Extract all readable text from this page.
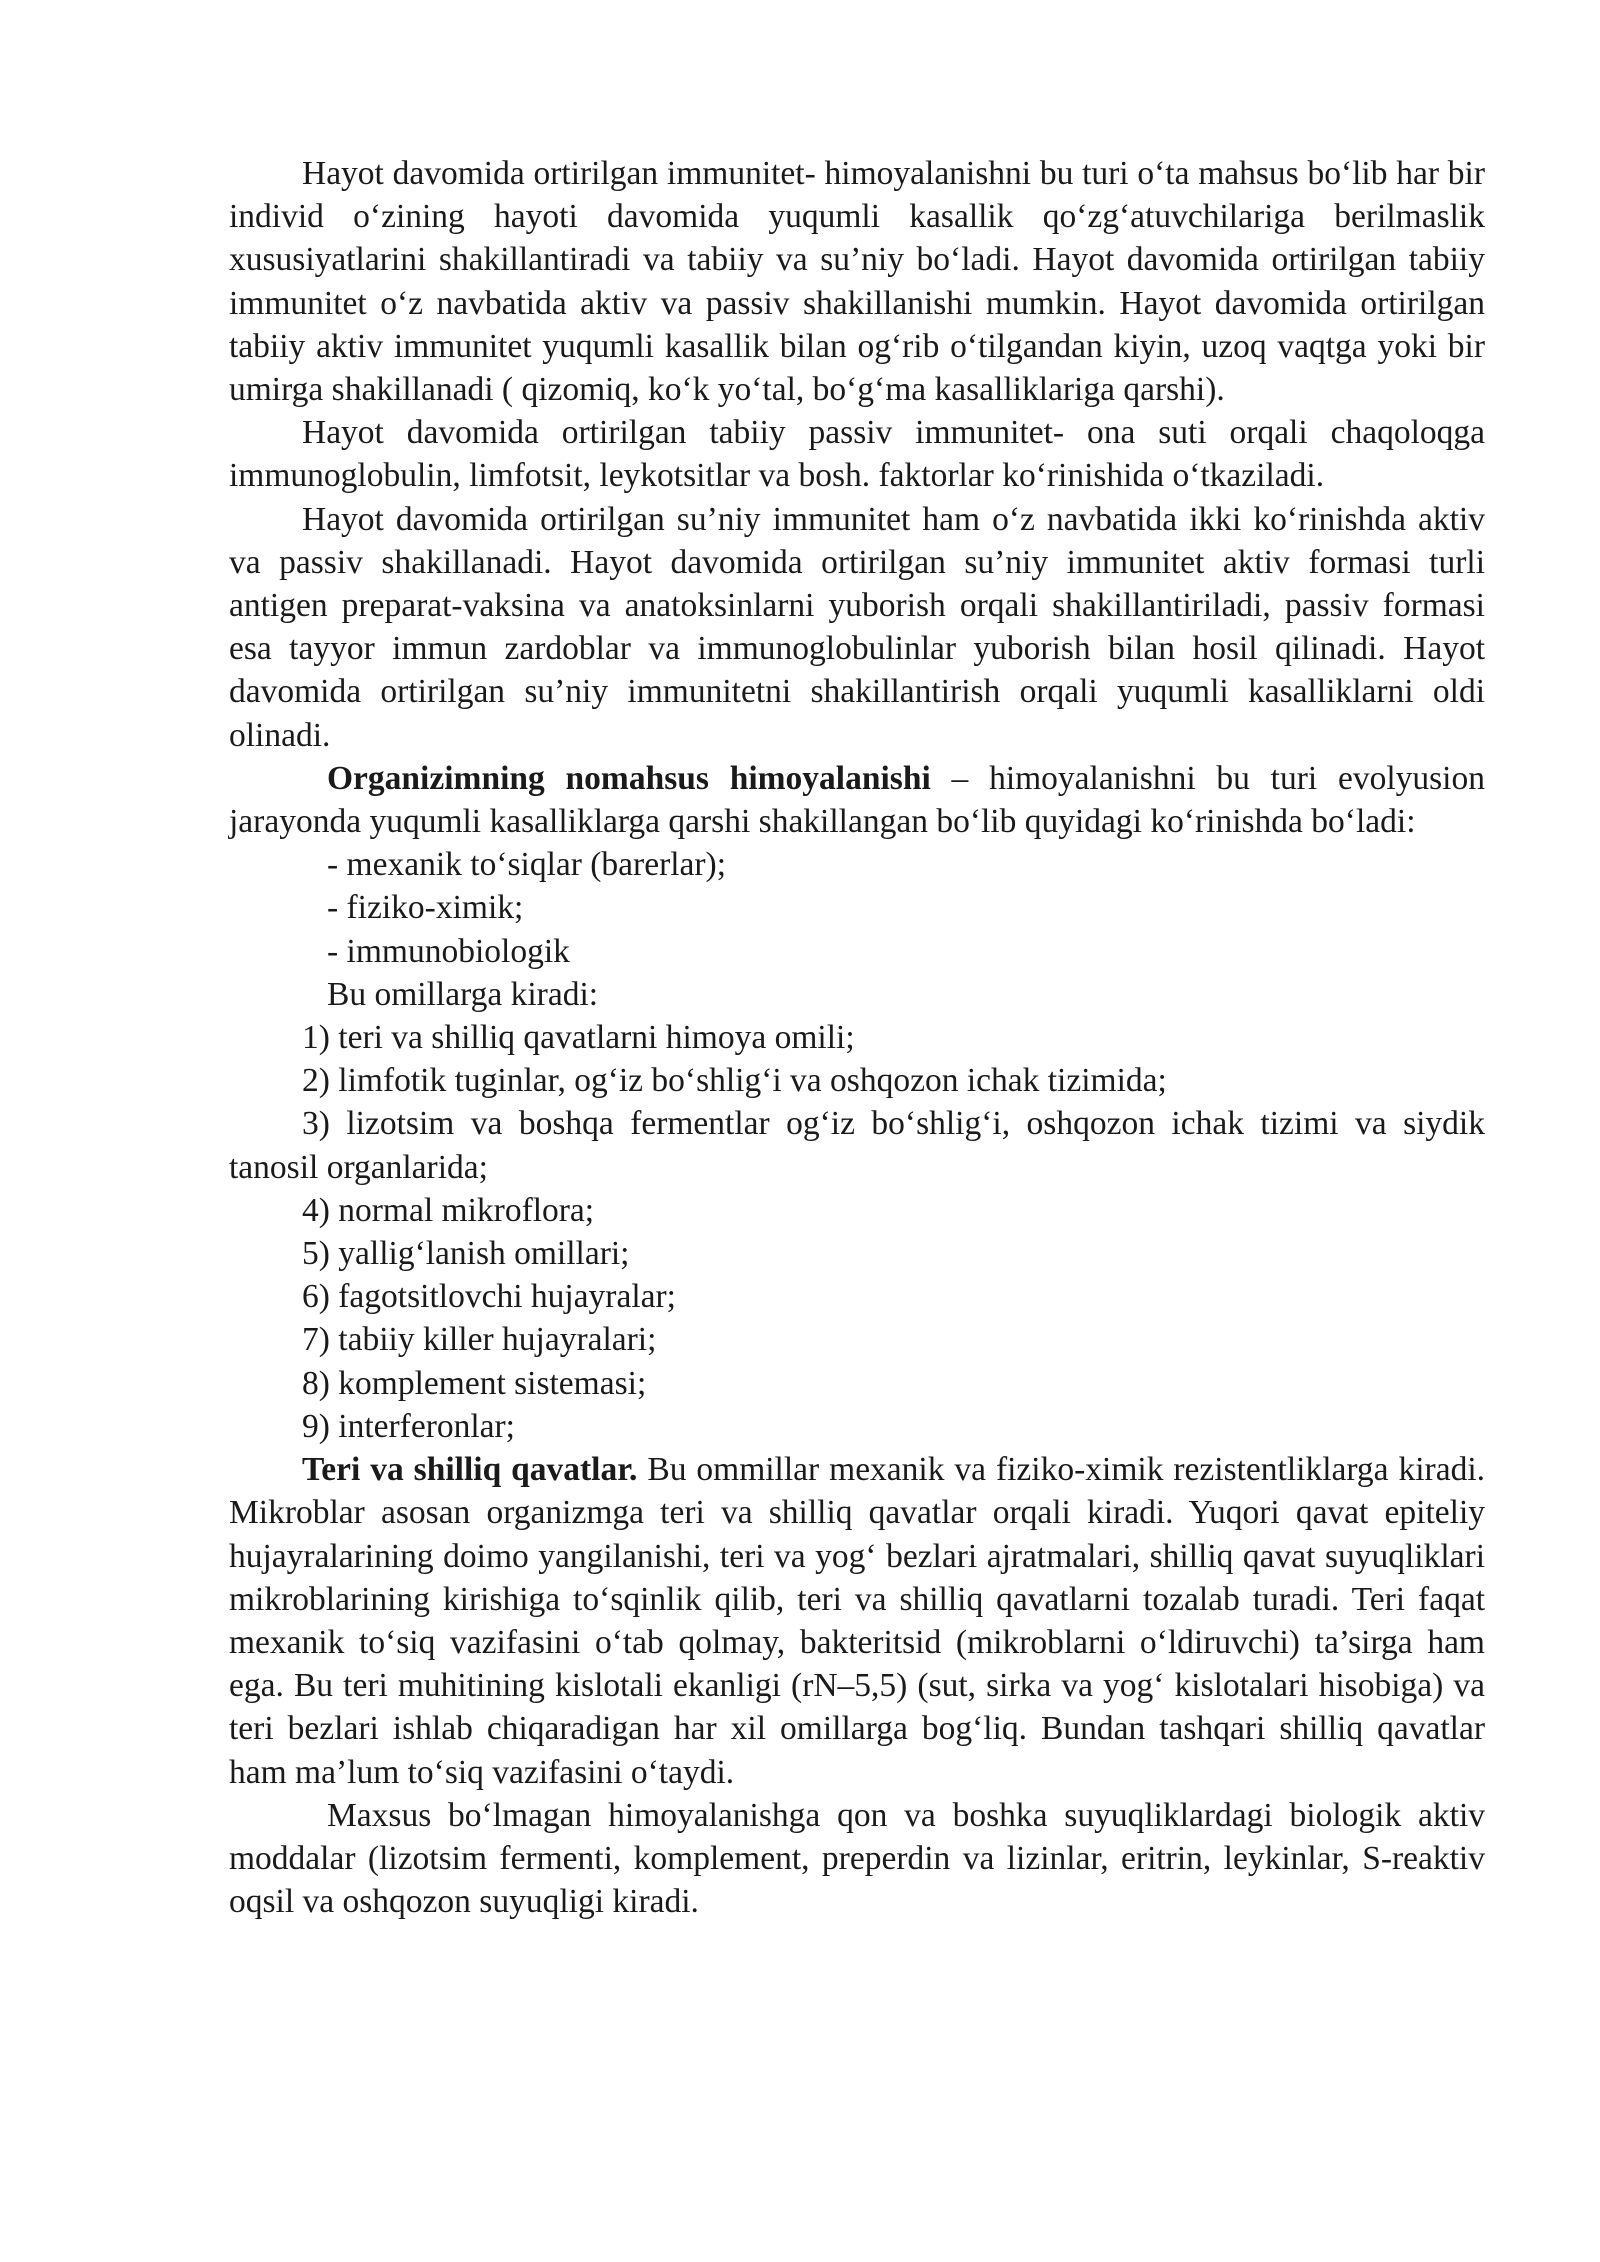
Hayot davomida ortirilgan immunitet- himoyalanishni bu turi o‘ta mahsus bo‘lib har bir individ o‘zining hayoti davomida yuqumli kasallik qo‘zg‘atuvchilariga berilmaslik xususiyatlarini shakillantiradi va tabiiy va su’niy bo‘ladi. Hayot davomida ortirilgan tabiiy immunitet o‘z navbatida aktiv va passiv shakillanishi mumkin. Hayot davomida ortirilgan tabiiy aktiv immunitet yuqumli kasallik bilan og‘rib o‘tilgandan kiyin, uzoq vaqtga yoki bir umirga shakillanadi ( qizomiq, ko‘k yo‘tal, bo‘g‘ma kasalliklariga qarshi).

Hayot davomida ortirilgan tabiiy passiv immunitet- ona suti orqali chaqoloqga immunoglobulin, limfotsit, leykotsitlar va bosh. faktorlar ko‘rinishida o‘tkaziladi.

Hayot davomida ortirilgan su’niy immunitet ham o‘z navbatida ikki ko‘rinishda aktiv va passiv shakillanadi. Hayot davomida ortirilgan su’niy immunitet aktiv formasi turli antigen preparat-vaksina va anatoksinlarni yuborish orqali shakillantiriladi, passiv formasi esa tayyor immun zardoblar va immunoglobulinlar yuborish bilan hosil qilinadi. Hayot davomida ortirilgan su’niy immunitetni shakillantirish orqali yuqumli kasalliklarni oldi olinadi.

Organizimning nomahsus himoyalanishi – himoyalanishni bu turi evolyusion jarayonda yuqumli kasalliklarga qarshi shakillangan bo‘lib quyidagi ko‘rinishda bo‘ladi:

- mexanik to‘siqlar (barerlar);

- fiziko-ximik;

- immunobiologik

Bu omillarga kiradi:

1) teri va shilliq qavatlarni himoya omili;

2) limfotik tuginlar, og‘iz bo‘shlig‘i va oshqozon ichak tizimida;

3) lizotsim va boshqa fermentlar og‘iz bo‘shlig‘i, oshqozon ichak tizimi va siydik tanosil organlarida;

4) normal mikroflora;

5) yallig‘lanish omillari;

6) fagotsitlovchi hujayralar;

7) tabiiy killer hujayralari;

8) komplement sistemasi;

9) interferonlar;

Teri va shilliq qavatlar. Bu ommillar mexanik va fiziko-ximik rezistentliklarga kiradi. Mikroblar asosan organizmga teri va shilliq qavatlar orqali kiradi. Yuqori qavat epiteliy hujayralarining doimo yangilanishi, teri va yog‘ bezlari ajratmalari, shilliq qavat suyuqliklari mikroblarining kirishiga to‘sqinlik qilib, teri va shilliq qavatlarni tozalab turadi. Teri faqat mexanik to‘siq vazifasini o‘tab qolmay, bakteritsid (mikroblarni o‘ldiruvchi) ta’sirga ham ega. Bu teri muhitining kislotali ekanligi (rN–5,5) (sut, sirka va yog‘ kislotalari hisobiga) va teri bezlari ishlab chiqaradigan har xil omillarga bog‘liq. Bundan tashqari shilliq qavatlar ham ma’lum to‘siq vazifasini o‘taydi.

Maxsus bo‘lmagan himoyalanishga qon va boshka suyuqliklardagi biologik aktiv moddalar (lizotsim fermenti, komplement, preperdin va lizinlar, eritrin, leykinlar, S-reaktiv oqsil va oshqozon suyuqligi kiradi.
